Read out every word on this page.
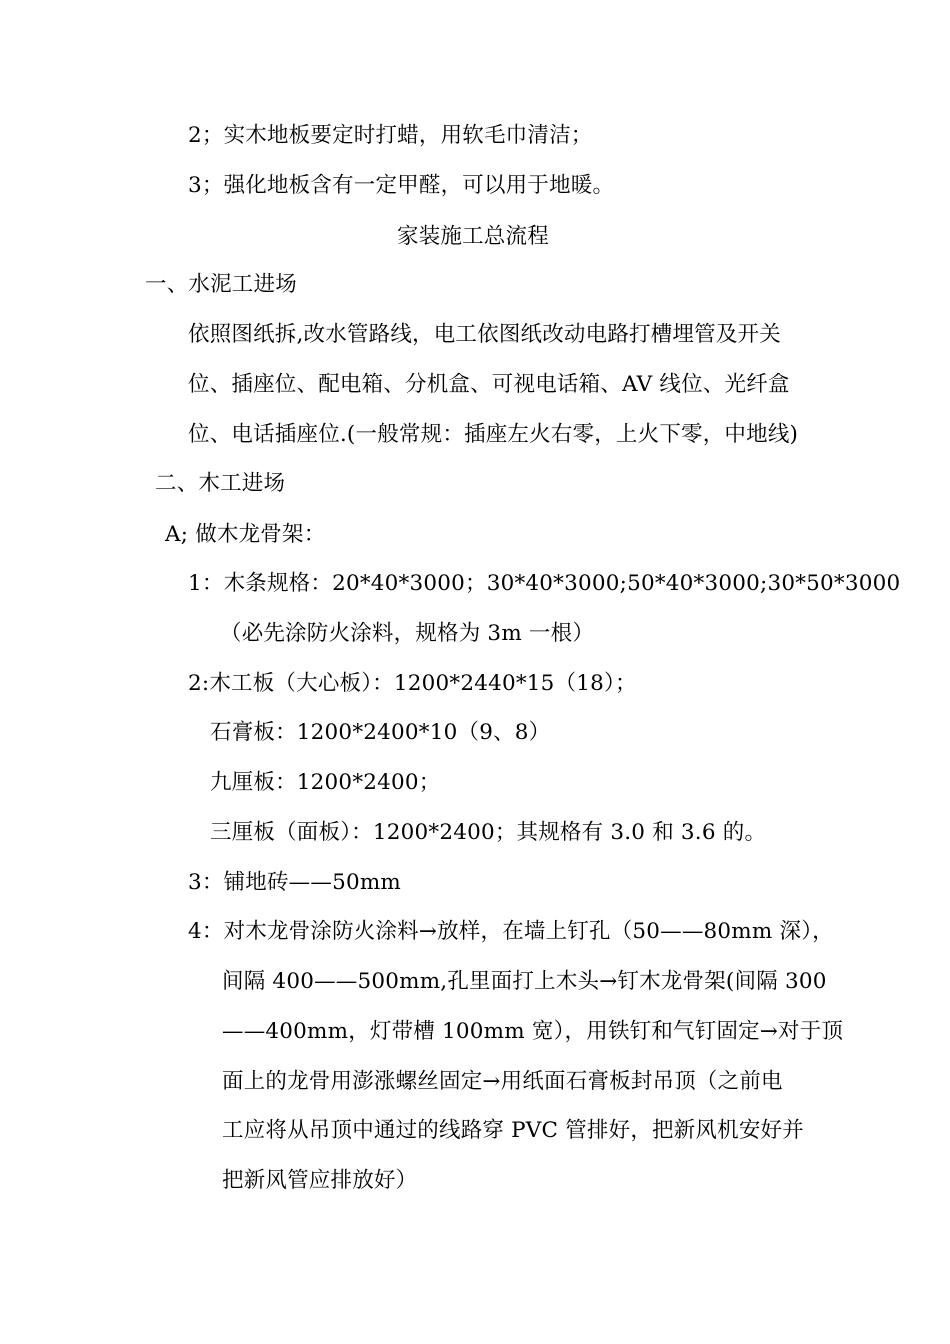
2；实木地板要定时打蜡，用软毛巾清洁；

3；强化地板含有一定甲醛，可以用于地暖。

家装施工总流程

一、水泥工进场

依照图纸拆,改水管路线，电工依图纸改动电路打槽埋管及开关

位、插座位、配电箱、分机盒、可视电话箱、AV 线位、光纤盒

位、电话插座位.(一般常规：插座左火右零，上火下零，中地线)

二、木工进场

A; 做木龙骨架：

1：木条规格：20*40*3000；30*40*3000;50*40*3000;30*50*3000

（必先涂防火涂料，规格为 3m 一根）

2:木工板（大心板）：1200*2440*15（18）；

石膏板：1200*2400*10（9、8）

九厘板：1200*2400；

三厘板（面板）：1200*2400；其规格有 3.0 和 3.6 的。

3：铺地砖——50mm

4：对木龙骨涂防火涂料→放样，在墙上钉孔（50——80mm 深），

间隔 400——500mm,孔里面打上木头→钉木龙骨架(间隔 300

——400mm，灯带槽 100mm 宽），用铁钉和气钉固定→对于顶

面上的龙骨用澎涨螺丝固定→用纸面石膏板封吊顶（之前电

工应将从吊顶中通过的线路穿 PVC 管排好，把新风机安好并

把新风管应排放好）
